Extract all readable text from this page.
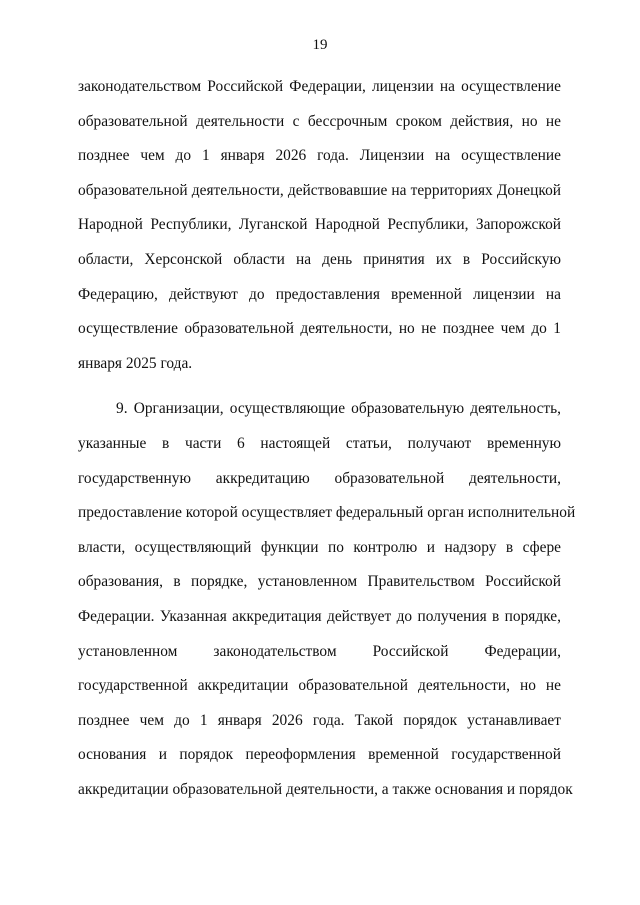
19
законодательством Российской Федерации, лицензии на осуществление
образовательной деятельности с бессрочным сроком действия, но не
позднее чем до 1 января 2026 года. Лицензии на осуществление
образовательной деятельности, действовавшие на территориях Донецкой
Народной Республики, Луганской Народной Республики, Запорожской
области, Херсонской области на день принятия их в Российскую
Федерацию, действуют до предоставления временной лицензии на
осуществление образовательной деятельности, но не позднее чем до 1
января 2025 года.
9. Организации, осуществляющие образовательную деятельность,
указанные в части 6 настоящей статьи, получают временную
государственную аккредитацию образовательной деятельности,
предоставление которой осуществляет федеральный орган исполнительной
власти, осуществляющий функции по контролю и надзору в сфере
образования, в порядке, установленном Правительством Российской
Федерации. Указанная аккредитация действует до получения в порядке,
установленном законодательством Российской Федерации,
государственной аккредитации образовательной деятельности, но не
позднее чем до 1 января 2026 года. Такой порядок устанавливает
основания и порядок переоформления временной государственной
аккредитации образовательной деятельности, а также основания и порядок
